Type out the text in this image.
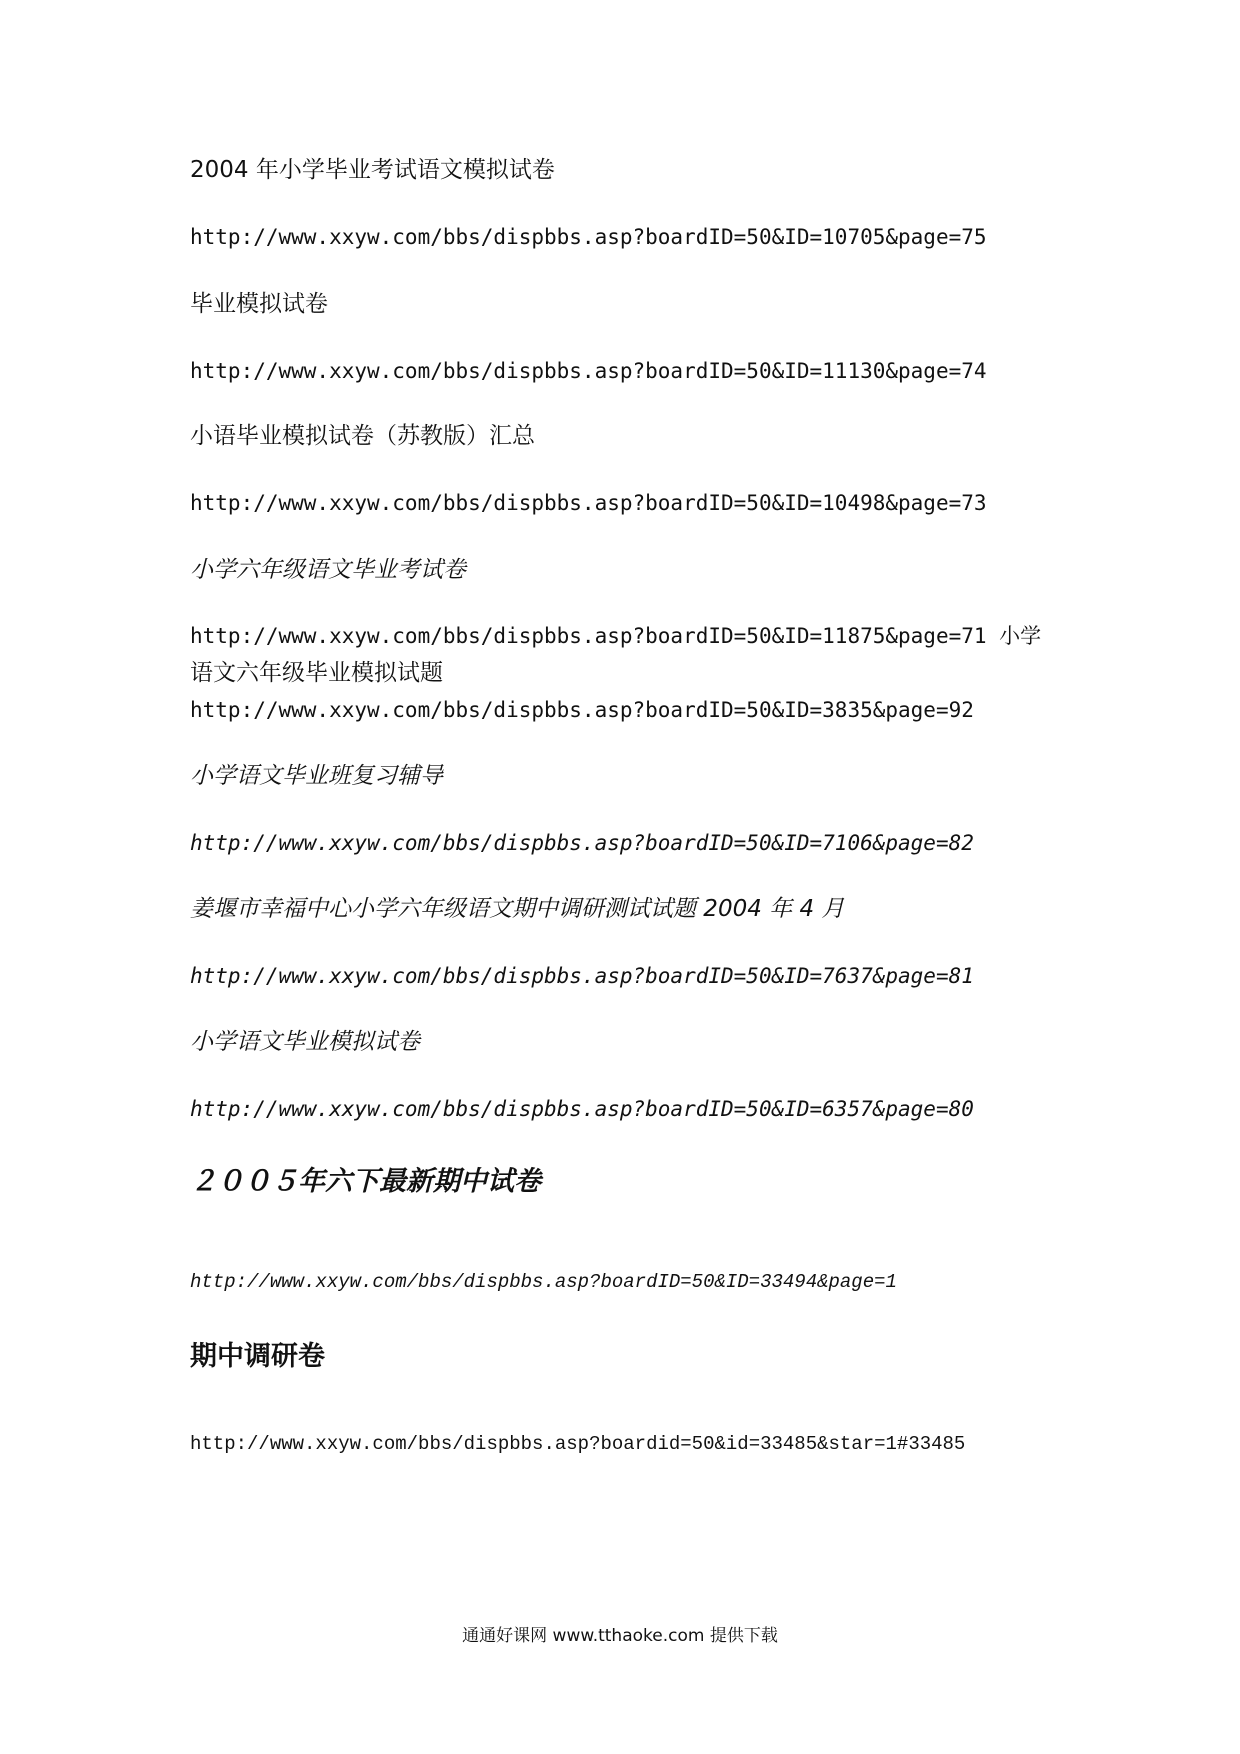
2004 年小学毕业考试语文模拟试卷
http://www.xxyw.com/bbs/dispbbs.asp?boardID=50&ID=10705&page=75
毕业模拟试卷
http://www.xxyw.com/bbs/dispbbs.asp?boardID=50&ID=11130&page=74
小语毕业模拟试卷（苏教版）汇总
http://www.xxyw.com/bbs/dispbbs.asp?boardID=50&ID=10498&page=73
小学六年级语文毕业考试卷
http://www.xxyw.com/bbs/dispbbs.asp?boardID=50&ID=11875&page=71 小学
语文六年级毕业模拟试题
http://www.xxyw.com/bbs/dispbbs.asp?boardID=50&ID=3835&page=92
小学语文毕业班复习辅导
http://www.xxyw.com/bbs/dispbbs.asp?boardID=50&ID=7106&page=82
姜堰市幸福中心小学六年级语文期中调研测试试题 2004 年 4 月
http://www.xxyw.com/bbs/dispbbs.asp?boardID=50&ID=7637&page=81
小学语文毕业模拟试卷
http://www.xxyw.com/bbs/dispbbs.asp?boardID=50&ID=6357&page=80
２００５年六下最新期中试卷
http://www.xxyw.com/bbs/dispbbs.asp?boardID=50&ID=33494&page=1
期中调研卷
http://www.xxyw.com/bbs/dispbbs.asp?boardid=50&id=33485&star=1#33485
通通好课网 www.tthaoke.com 提供下载
